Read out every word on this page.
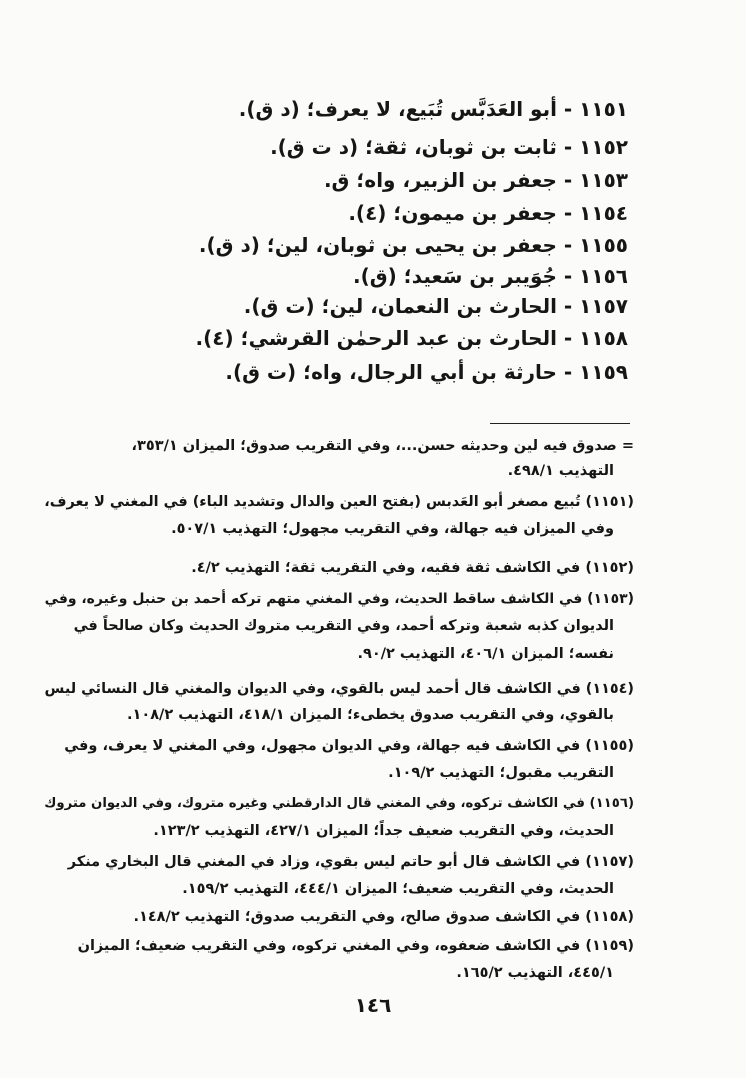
١١٥١ - أبو العَدَبَّس تُبَيع، لا يعرف؛ (د ق).
١١٥٢ - ثابت بن ثوبان، ثقة؛ (د ت ق).
١١٥٣ - جعفر بن الزبير، واه؛ ق.
١١٥٤ - جعفر بن ميمون؛ (٤).
١١٥٥ - جعفر بن يحيى بن ثوبان، لين؛ (د ق).
١١٥٦ - جُوَيبر بن سَعيد؛ (ق).
١١٥٧ - الحارث بن النعمان، لين؛ (ت ق).
١١٥٨ - الحارث بن عبد الرحمٰن القرشي؛ (٤).
١١٥٩ - حارثة بن أبي الرجال، واه؛ (ت ق).
= صدوق فيه لين وحديثه حسن...، وفي التقريب صدوق؛ الميزان ٣٥٣/١،
التهذيب ٤٩٨/١.
(١١٥١) تُبيع مصغر أبو العَدبس (بفتح العين والدال وتشديد الباء) في المغني لا يعرف،
وفي الميزان فيه جهالة، وفي التقريب مجهول؛ التهذيب ٥٠٧/١.
(١١٥٢) في الكاشف ثقة فقيه، وفي التقريب ثقة؛ التهذيب ٤/٢.
(١١٥٣) في الكاشف ساقط الحديث، وفي المغني متهم تركه أحمد بن حنبل وغيره، وفي
الديوان كذبه شعبة وتركه أحمد، وفي التقريب متروك الحديث وكان صالحاً في
نفسه؛ الميزان ٤٠٦/١، التهذيب ٩٠/٢.
(١١٥٤) في الكاشف قال أحمد ليس بالقوي، وفي الديوان والمغني قال النسائي ليس
بالقوي، وفي التقريب صدوق يخطىء؛ الميزان ٤١٨/١، التهذيب ١٠٨/٢.
(١١٥٥) في الكاشف فيه جهالة، وفي الديوان مجهول، وفي المغني لا يعرف، وفي
التقريب مقبول؛ التهذيب ١٠٩/٢.
(١١٥٦) في الكاشف تركوه، وفي المغني قال الدارقطني وغيره متروك، وفي الديوان متروك
الحديث، وفي التقريب ضعيف جداً؛ الميزان ٤٢٧/١، التهذيب ١٢٣/٢.
(١١٥٧) في الكاشف قال أبو حاتم ليس بقوي، وزاد في المغني قال البخاري منكر
الحديث، وفي التقريب ضعيف؛ الميزان ٤٤٤/١، التهذيب ١٥٩/٢.
(١١٥٨) في الكاشف صدوق صالح، وفي التقريب صدوق؛ التهذيب ١٤٨/٢.
(١١٥٩) في الكاشف ضعفوه، وفي المغني تركوه، وفي التقريب ضعيف؛ الميزان
٤٤٥/١، التهذيب ١٦٥/٢.
١٤٦
